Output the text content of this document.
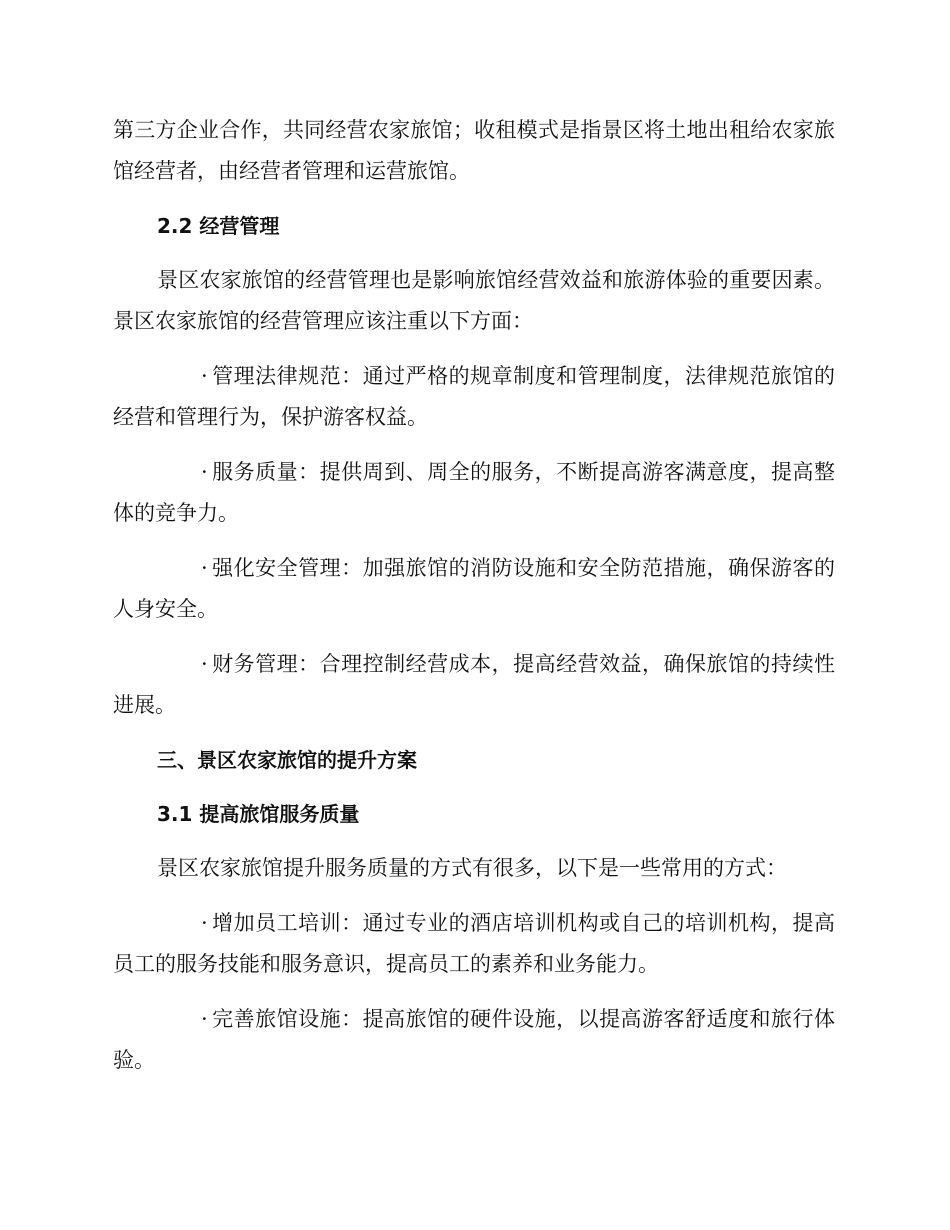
第三方企业合作，共同经营农家旅馆；收租模式是指景区将土地出租给农家旅馆经营者，由经营者管理和运营旅馆。

2.2 经营管理

景区农家旅馆的经营管理也是影响旅馆经营效益和旅游体验的重要因素。景区农家旅馆的经营管理应该注重以下方面：

· 管理法律规范：通过严格的规章制度和管理制度，法律规范旅馆的经营和管理行为，保护游客权益。

· 服务质量：提供周到、周全的服务，不断提高游客满意度，提高整体的竞争力。

· 强化安全管理：加强旅馆的消防设施和安全防范措施，确保游客的人身安全。

· 财务管理：合理控制经营成本，提高经营效益，确保旅馆的持续性进展。

三、景区农家旅馆的提升方案
3.1 提高旅馆服务质量

景区农家旅馆提升服务质量的方式有很多，以下是一些常用的方式：

· 增加员工培训：通过专业的酒店培训机构或自己的培训机构，提高员工的服务技能和服务意识，提高员工的素养和业务能力。

· 完善旅馆设施：提高旅馆的硬件设施，以提高游客舒适度和旅行体验。
